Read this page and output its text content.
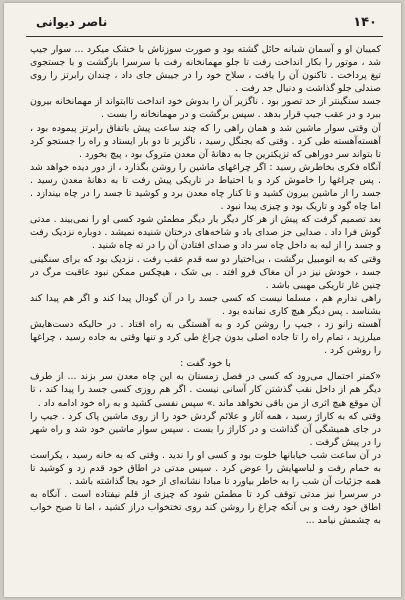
۱۴۰
ناصر دیوانی

کمیبان او و آسمان شبانه حائل گشته بود و صورت سوزناش با خشک میکرد ... سوار جیپ شد ، موتور را بکار انداخت رفت تا جلو مهمانخانه رفت با سرسرا بازگشت و با جستجوی تیغ پرداخت . تاکنون آن را یافت ، سلاح خود را در جیبش جای داد ، چندان رابرتز را روی صندلی جلو گذاشت و دنبال جد رفت .

جسد سنگینتر از حد تصور بود . ناگزیر آن را بدوش خود انداخت تاابتواند از مهمانخانه بیرون ببرد و در عقب جیپ قرار بدهد . سپس برگشت و در مهمانخانه را بست .

آن وقتی سوار ماشین شد و همان راهی را که چند ساعت پیش باتفاق رابرتز پیموده بود ، آهسته‌آهسته طی کرد . وقتی که بجنگل رسید ، ناگزیر تا دو بار ایستاد و راه را جستجو کرد تا بتواند سر دوراهی که تزیکترین جا به دهانهٔ آن معدن متروک بود ، پیچ بخورد .

آنگاه فکری بخاطرش رسید : اگر چراغهای ماشین را روشن بگذارد ، از دور دیده خواهد شد . پس چراغها را خاموش کرد و با احتیاط در تاریکی پیش رفت تا به دهانهٔ معدن رسید . جسد را از ماشین بیرون کشید و تا کنار چاه معدن برد و کوشید تا جسد را در چاه بیندازد . اما چاه گود و تاریک بود و چیزی پیدا نبود .

بعد تصمیم گرفت که پیش از هر کار دیگر بار دیگر مطمئن شود کسی او را نمی‌بیند . مدتی گوش فرا داد . صدایی جز صدای باد و شاخه‌های درختان شنیده نمیشد . دوباره نزدیک رفت و جسد را از لبه به داخل چاه سر داد و صدای افتادن آن را در ته چاه شنید .

وقتی که به اتومبیل برگشت ، بی‌اختیار دو سه قدم عقب رفت . نزدیک بود که برای سنگینی جسد ، خودش نیز در آن مغاک فرو افتد . بی شک ، هیچکس ممکن نبود عاقبت مرگ در چنین غار تاریکی مهیبی باشد .

راهی ندارم هم ، مسلما نیست که کسی جسد را در آن گودال پیدا کند و اگر هم پیدا کند بشناسد . پس دیگر هیچ کاری نمانده بود .

آهسته زانو زد ، جیپ را روشن کرد و به آهستگی به راه افتاد . در حالیکه دست‌هایش میلرزید ، تمام راه را تا جاده اصلی بدون چراغ طی کرد و تنها وقتی به جاده رسید ، چراغها را روشن کرد .

با خود گفت :

«کمتر احتمال می‌رود که کسی در فصل زمستان به این چاه معدن سر بزند ... از طرف دیگر هم از داخل نقب گذشتن کار آسانی نیست . اگر هم روزی کسی جسد را پیدا کند ، تا آن موقع هیچ اثری از من باقی نخواهد ماند .» سپس نفسی کشید و به راه خود ادامه داد .

وقتی که به کاراژ رسید ، همه آثار و علائم گردش خود را از روی ماشین پاک کرد . جیپ را در جای همیشگی آن گذاشت و در کاراژ را بست . سپس سوار ماشین خود شد و راه شهر را در پیش گرفت .

در آن ساعت شب خیابانها خلوت بود و کسی او را ندید . وقتی که به خانه رسید ، یکراست به حمام رفت و لباسهایش را عوض کرد . سپس مدتی در اطاق خود قدم زد و کوشید تا همه جزئیات آن شب را به خاطر بیاورد تا مبادا نشانه‌ای از خود بجا گذاشته باشد .

در سرسرا نیز مدتی توقف کرد تا مطمئن شود که چیزی از قلم نیفتاده است . آنگاه به اطاق خود رفت و بی آنکه چراغ را روشن کند روی تختخواب دراز کشید ، اما تا صبح خواب به چشمش نیامد ...
